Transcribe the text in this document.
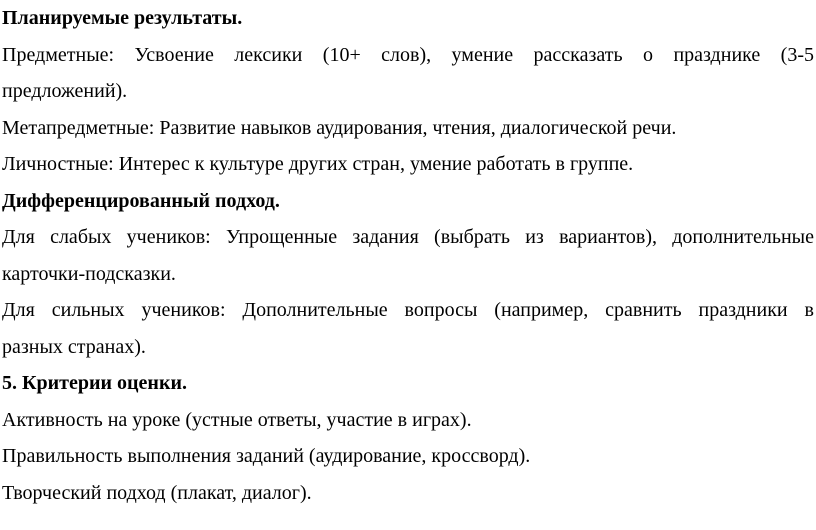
Планируемые результаты.

Предметные: Усвоение лексики (10+ слов), умение рассказать о празднике (3-5

предложений).

Метапредметные: Развитие навыков аудирования, чтения, диалогической речи.

Личностные: Интерес к культуре других стран, умение работать в группе.

Дифференцированный подход.

Для слабых учеников: Упрощенные задания (выбрать из вариантов), дополнительные

карточки-подсказки.

Для сильных учеников: Дополнительные вопросы (например, сравнить праздники в

разных странах).

5. Критерии оценки.

Активность на уроке (устные ответы, участие в играх).

Правильность выполнения заданий (аудирование, кроссворд).

Творческий подход (плакат, диалог).
